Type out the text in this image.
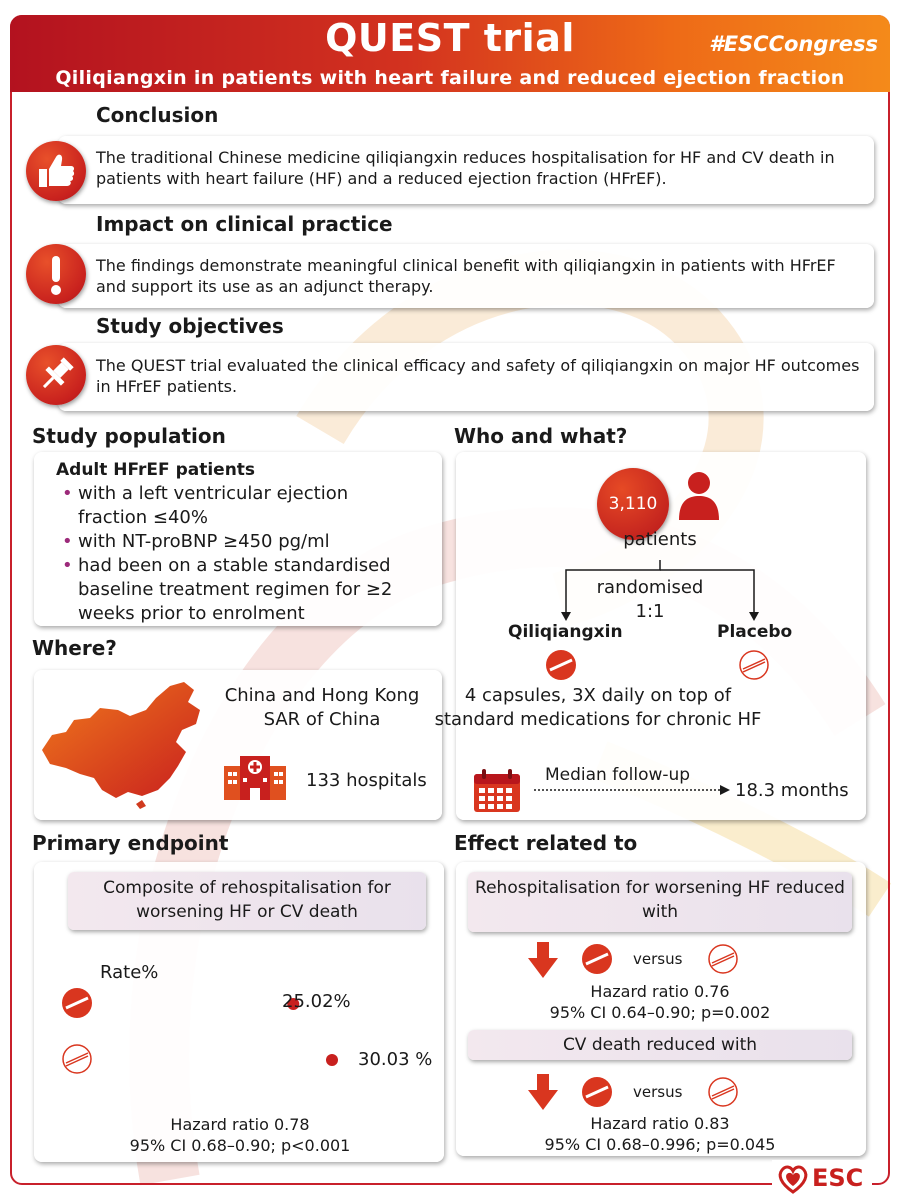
QUEST trial	#ESCCongress
Qiliqiangxin in patients with heart failure and reduced ejection fraction
Conclusion
The traditional Chinese medicine qiliqiangxin reduces hospitalisation for HF and CV death in patients with heart failure (HF) and a reduced ejection fraction (HFrEF).
Impact on clinical practice
The findings demonstrate meaningful clinical benefit with qiliqiangxin in patients with HFrEF and support its use as an adjunct therapy.
Study objectives
The QUEST trial evaluated the clinical efficacy and safety of qiliqiangxin on major HF outcomes in HFrEF patients.
Study population
Adult HFrEF patients
• with a left ventricular ejection fraction ≤40%
• with NT-proBNP ≥450 pg/ml
• had been on a stable standardised baseline treatment regimen for ≥2 weeks prior to enrolment
Where?
China and Hong Kong SAR of China
133 hospitals
Who and what?
3,110
patients
randomised
1:1
Qiliqiangxin	Placebo
4 capsules, 3X daily on top of standard medications for chronic HF
Median follow-up
18.3 months
Primary endpoint
Composite of rehospitalisation for worsening HF or CV death
Rate%
25.02%
30.03 %
Hazard ratio 0.78
95% CI 0.68–0.90; p<0.001
Effect related to
Rehospitalisation for worsening HF reduced with
versus
Hazard ratio 0.76
95% CI 0.64–0.90; p=0.002
CV death reduced with
versus
Hazard ratio 0.83
95% CI 0.68–0.996; p=0.045
ESC
